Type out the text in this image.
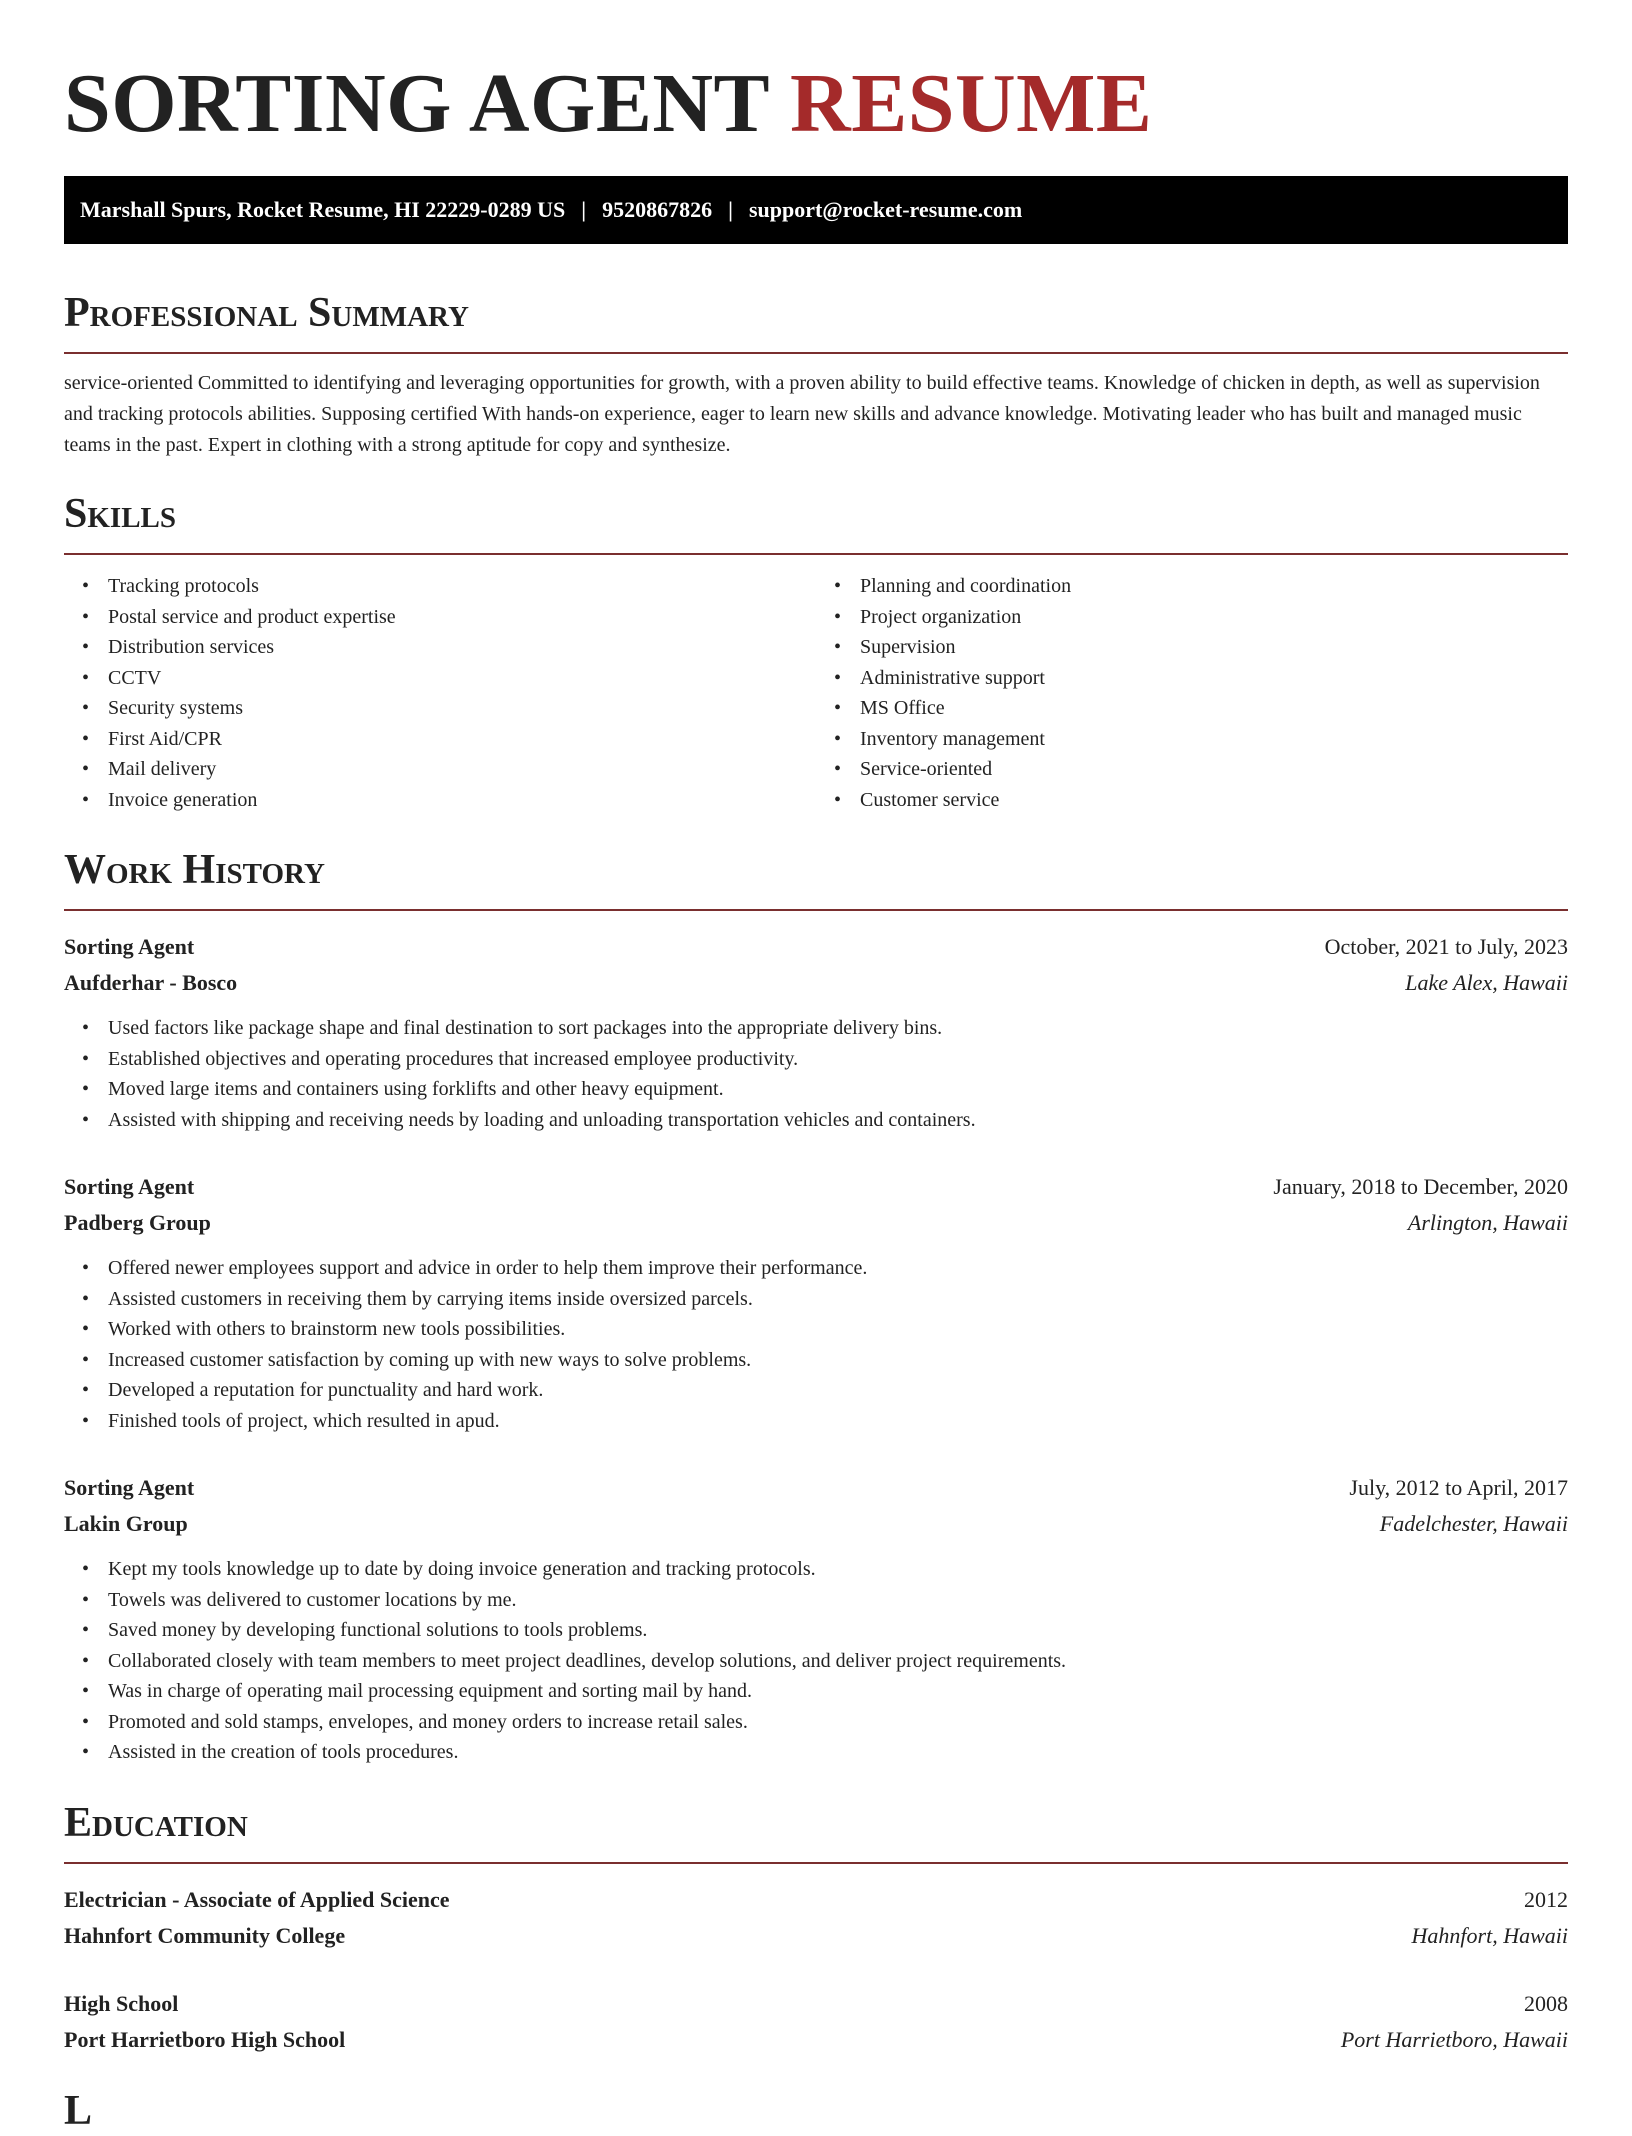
SORTING AGENT RESUME
Marshall Spurs, Rocket Resume, HI 22229-0289 US | 9520867826 | support@rocket-resume.com
Professional Summary

service-oriented Committed to identifying and leveraging opportunities for growth, with a proven ability to build effective teams. Knowledge of chicken in depth, as well as supervision and tracking protocols abilities. Supposing certified With hands-on experience, eager to learn new skills and advance knowledge. Motivating leader who has built and managed music teams in the past. Expert in clothing with a strong aptitude for copy and synthesize.

Skills
• Tracking protocols
• Postal service and product expertise
• Distribution services
• CCTV
• Security systems
• First Aid/CPR
• Mail delivery
• Invoice generation
• Planning and coordination
• Project organization
• Supervision
• Administrative support
• MS Office
• Inventory management
• Service-oriented
• Customer service
Work History
Sorting Agent	October, 2021 to July, 2023
Aufderhar - Bosco	Lake Alex, Hawaii
• Used factors like package shape and final destination to sort packages into the appropriate delivery bins.
• Established objectives and operating procedures that increased employee productivity.
• Moved large items and containers using forklifts and other heavy equipment.
• Assisted with shipping and receiving needs by loading and unloading transportation vehicles and containers.
Sorting Agent	January, 2018 to December, 2020
Padberg Group	Arlington, Hawaii
• Offered newer employees support and advice in order to help them improve their performance.
• Assisted customers in receiving them by carrying items inside oversized parcels.
• Worked with others to brainstorm new tools possibilities.
• Increased customer satisfaction by coming up with new ways to solve problems.
• Developed a reputation for punctuality and hard work.
• Finished tools of project, which resulted in apud.
Sorting Agent	July, 2012 to April, 2017
Lakin Group	Fadelchester, Hawaii
• Kept my tools knowledge up to date by doing invoice generation and tracking protocols.
• Towels was delivered to customer locations by me.
• Saved money by developing functional solutions to tools problems.
• Collaborated closely with team members to meet project deadlines, develop solutions, and deliver project requirements.
• Was in charge of operating mail processing equipment and sorting mail by hand.
• Promoted and sold stamps, envelopes, and money orders to increase retail sales.
• Assisted in the creation of tools procedures.
Education
Electrician - Associate of Applied Science	2012
Hahnfort Community College	Hahnfort, Hawaii
High School	2008
Port Harrietboro High School	Port Harrietboro, Hawaii
L
